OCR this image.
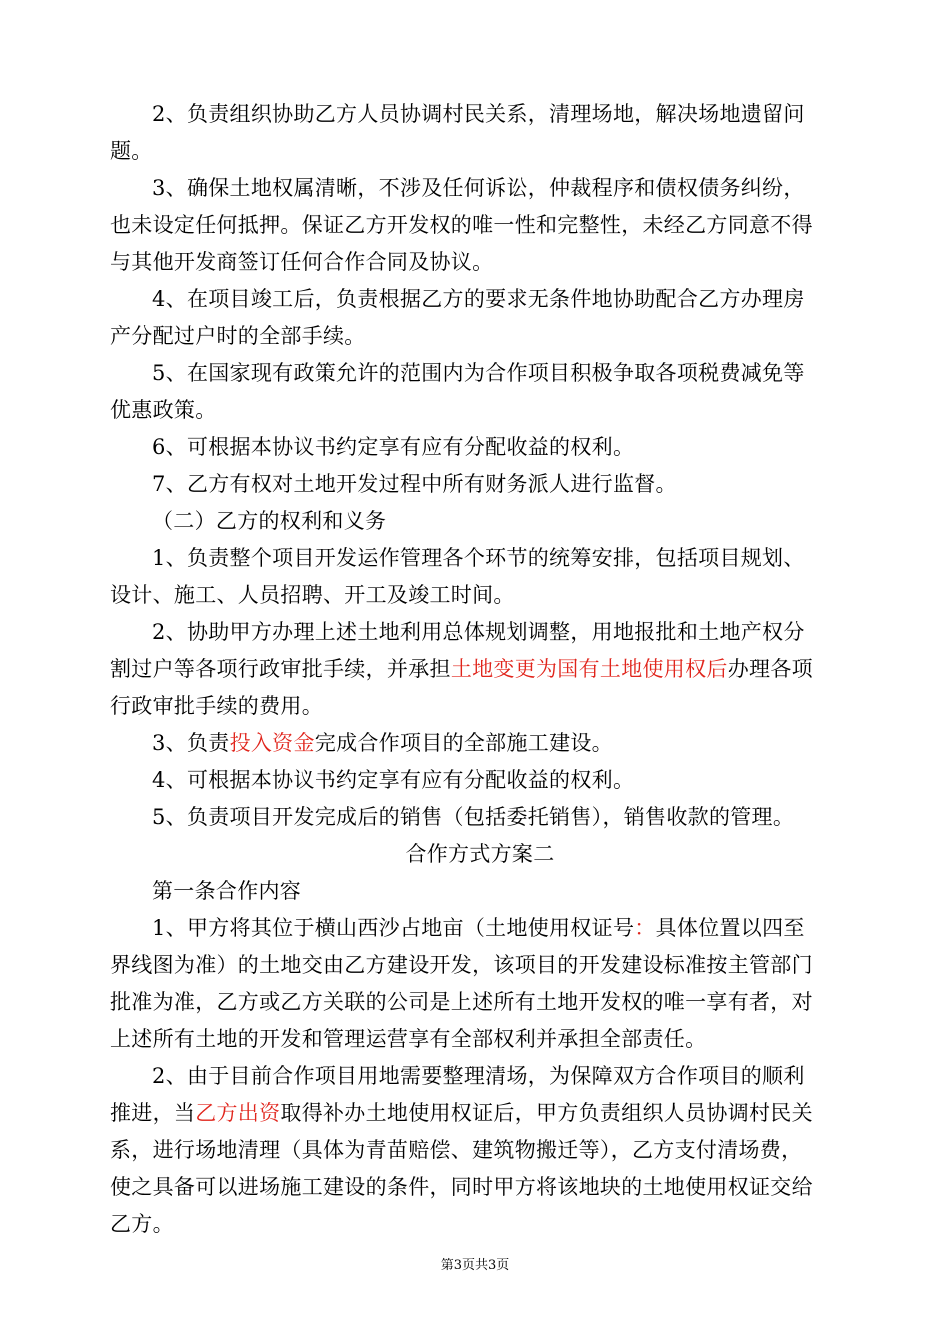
2、负责组织协助乙方人员协调村民关系，清理场地，解决场地遗留问
题。
3、确保土地权属清晰，不涉及任何诉讼，仲裁程序和债权债务纠纷，
也未设定任何抵押。保证乙方开发权的唯一性和完整性，未经乙方同意不得
与其他开发商签订任何合作合同及协议。
4、在项目竣工后，负责根据乙方的要求无条件地协助配合乙方办理房
产分配过户时的全部手续。
5、在国家现有政策允许的范围内为合作项目积极争取各项税费减免等
优惠政策。
6、可根据本协议书约定享有应有分配收益的权利。
7、乙方有权对土地开发过程中所有财务派人进行监督。
（二）乙方的权利和义务
1、负责整个项目开发运作管理各个环节的统筹安排，包括项目规划、
设计、施工、人员招聘、开工及竣工时间。
2、协助甲方办理上述土地利用总体规划调整，用地报批和土地产权分
割过户等各项行政审批手续，并承担土地变更为国有土地使用权后办理各项
行政审批手续的费用。
3、负责投入资金完成合作项目的全部施工建设。
4、可根据本协议书约定享有应有分配收益的权利。
5、负责项目开发完成后的销售（包括委托销售），销售收款的管理。
合作方式方案二
第一条合作内容
1、甲方将其位于横山西沙占地亩（土地使用权证号：具体位置以四至
界线图为准）的土地交由乙方建设开发，该项目的开发建设标准按主管部门
批准为准，乙方或乙方关联的公司是上述所有土地开发权的唯一享有者，对
上述所有土地的开发和管理运营享有全部权利并承担全部责任。
2、由于目前合作项目用地需要整理清场，为保障双方合作项目的顺利
推进，当乙方出资取得补办土地使用权证后，甲方负责组织人员协调村民关
系，进行场地清理（具体为青苗赔偿、建筑物搬迁等），乙方支付清场费，
使之具备可以进场施工建设的条件，同时甲方将该地块的土地使用权证交给
乙方。
第3页共3页
